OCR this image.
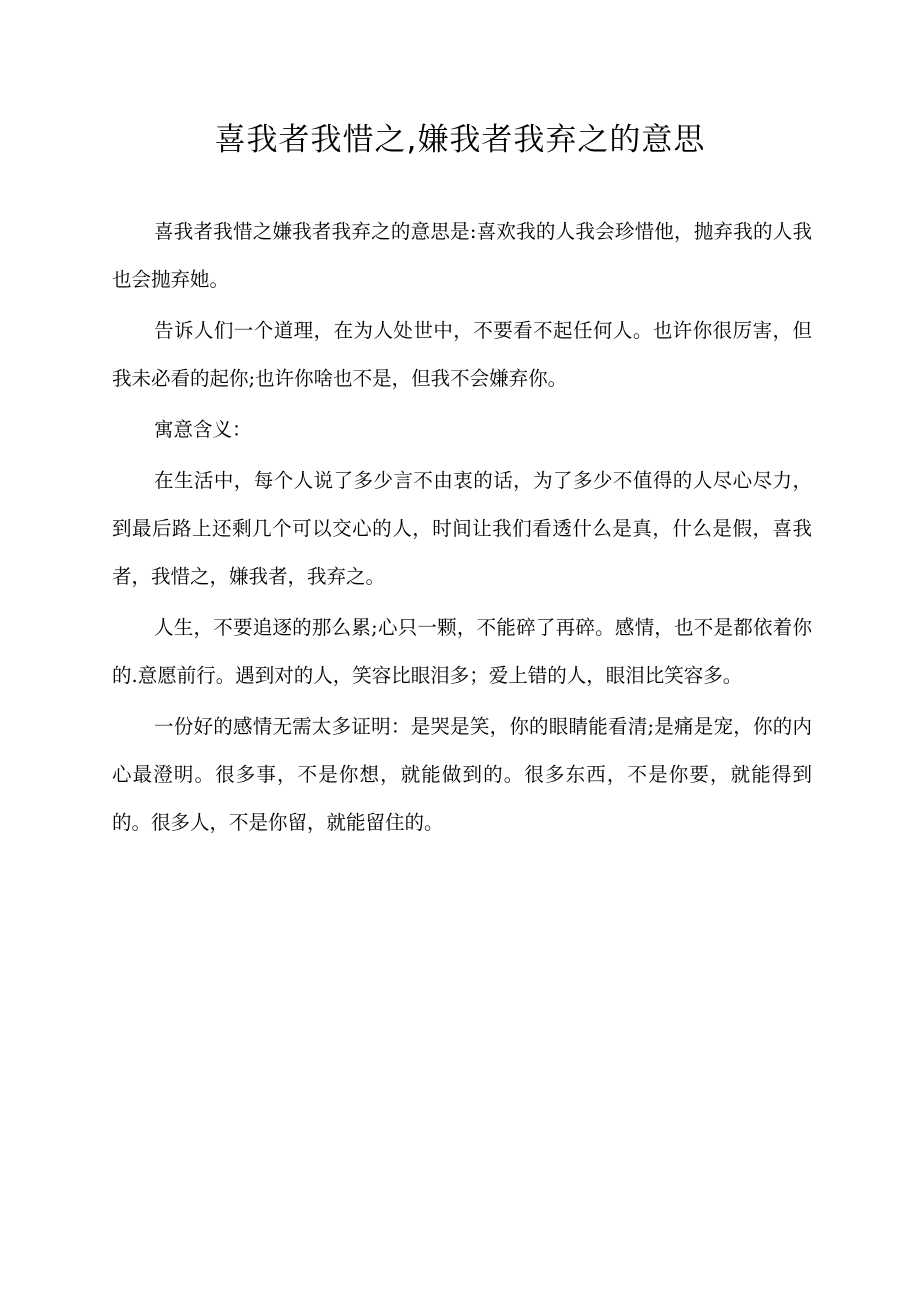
喜我者我惜之,嫌我者我弃之的意思

喜我者我惜之嫌我者我弃之的意思是:喜欢我的人我会珍惜他，抛弃我的人我也会抛弃她。

告诉人们一个道理，在为人处世中，不要看不起任何人。也许你很厉害，但我未必看的起你;也许你啥也不是，但我不会嫌弃你。

寓意含义：

在生活中，每个人说了多少言不由衷的话，为了多少不值得的人尽心尽力，到最后路上还剩几个可以交心的人，时间让我们看透什么是真，什么是假，喜我者，我惜之，嫌我者，我弃之。

人生，不要追逐的那么累;心只一颗，不能碎了再碎。感情，也不是都依着你的.意愿前行。遇到对的人，笑容比眼泪多；爱上错的人，眼泪比笑容多。

一份好的感情无需太多证明：是哭是笑，你的眼睛能看清;是痛是宠，你的内心最澄明。很多事，不是你想，就能做到的。很多东西，不是你要，就能得到的。很多人，不是你留，就能留住的。
